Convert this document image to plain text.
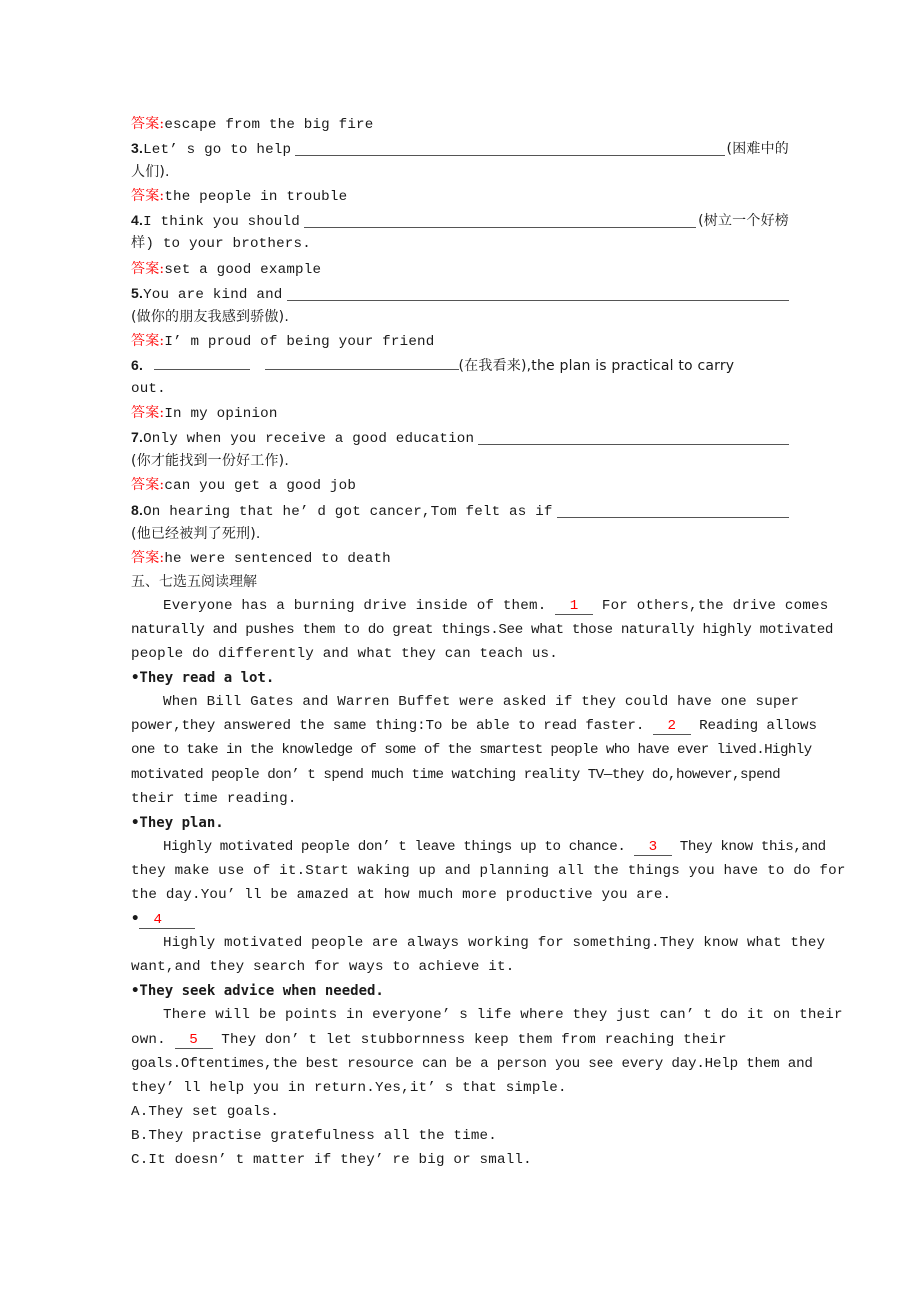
答案:escape from the big fire
3. Let’ s go to help	(困难中的
人们).
答案:the people in trouble
4. I think you should	(树立一个好榜
样) to your brothers.
答案:set a good example
5. You are kind and
(做你的朋友我感到骄傲).
答案:I’ m proud of being your friend
6.	(在我看来),the plan is practical to carry
out.
答案:In my opinion
7. Only when you receive a good education
(你才能找到一份好工作).
答案:can you get a good job
8. On hearing that he’ d got cancer,Tom felt as if
(他已经被判了死刑).
答案:he were sentenced to death
五、七选五阅读理解
Everyone has a burning drive inside of them. 1 For others,the drive comes
naturally and pushes them to do great things.See what those naturally highly motivated
people do differently and what they can teach us.
•They read a lot.
When Bill Gates and Warren Buffet were asked if they could have one super
power,they answered the same thing:To be able to read faster. 2 Reading allows
one to take in the knowledge of some of the smartest people who have ever lived.Highly
motivated people don’ t spend much time watching reality TV—they do,however,spend
their time reading.
•They plan.
Highly motivated people don’ t leave things up to chance. 3 They know this,and
they make use of it.Start waking up and planning all the things you have to do for
the day.You’ ll be amazed at how much more productive you are.
• 4
Highly motivated people are always working for something.They know what they
want,and they search for ways to achieve it.
•They seek advice when needed.
There will be points in everyone’ s life where they just can’ t do it on their
own. 5 They don’ t let stubbornness keep them from reaching their
goals.Oftentimes,the best resource can be a person you see every day.Help them and
they’ ll help you in return.Yes,it’ s that simple.
A.They set goals.
B.They practise gratefulness all the time.
C.It doesn’ t matter if they’ re big or small.
